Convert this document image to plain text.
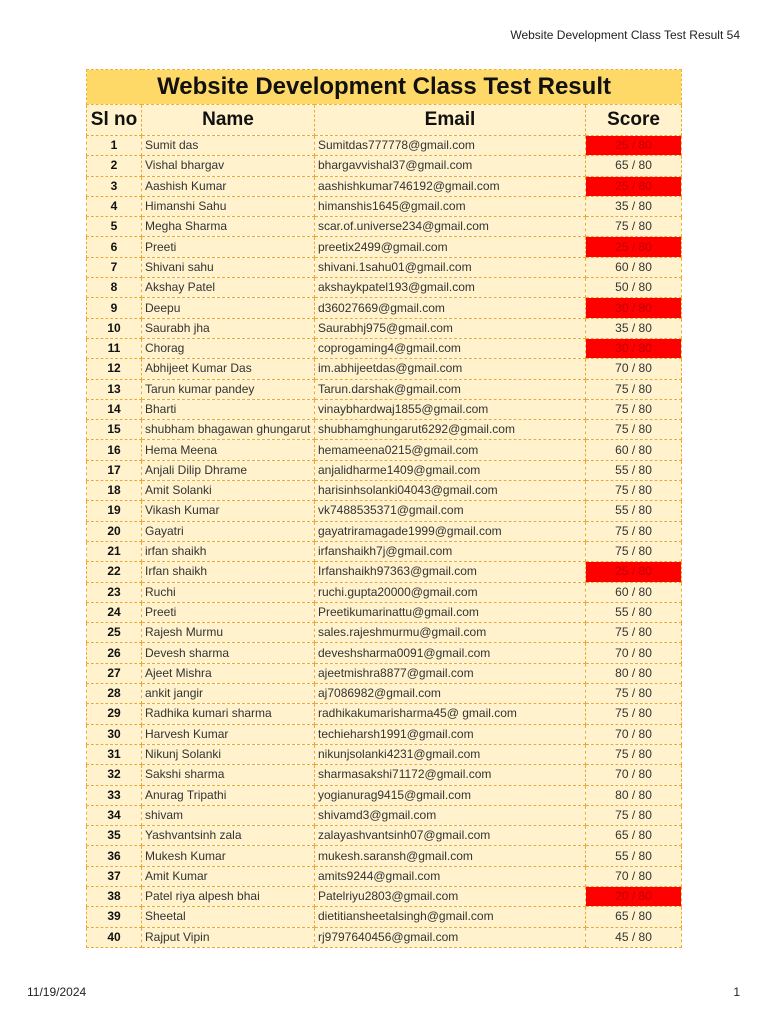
Website Development Class Test Result 54
Website Development Class Test Result			
Sl no	Name	Email	Score
1	Sumit das	Sumitdas777778@gmail.com	25 / 80
2	Vishal bhargav	bhargavvishal37@gmail.com	65 / 80
3	Aashish Kumar	aashishkumar746192@gmail.com	25 / 80
4	Himanshi Sahu	himanshis1645@gmail.com	35 / 80
5	Megha Sharma	scar.of.universe234@gmail.com	75 / 80
6	Preeti	preetix2499@gmail.com	25 / 80
7	Shivani sahu	shivani.1sahu01@gmail.com	60 / 80
8	Akshay Patel	akshaykpatel193@gmail.com	50 / 80
9	Deepu	d36027669@gmail.com	30 / 80
10	Saurabh jha	Saurabhj975@gmail.com	35 / 80
11	Chorag	coprogaming4@gmail.com	30 / 80
12	Abhijeet Kumar Das	im.abhijeetdas@gmail.com	70 / 80
13	Tarun kumar pandey	Tarun.darshak@gmail.com	75 / 80
14	Bharti	vinaybhardwaj1855@gmail.com	75 / 80
15	shubham bhagawan ghungarut	shubhamghungarut6292@gmail.com	75 / 80
16	Hema Meena	hemameena0215@gmail.com	60 / 80
17	Anjali Dilip Dhrame	anjalidharme1409@gmail.com	55 / 80
18	Amit Solanki	harisinhsolanki04043@gmail.com	75 / 80
19	Vikash Kumar	vk7488535371@gmail.com	55 / 80
20	Gayatri	gayatriramagade1999@gmail.com	75 / 80
21	irfan shaikh	irfanshaikh7j@gmail.com	75 / 80
22	Irfan shaikh	Irfanshaikh97363@gmail.com	25 / 80
23	Ruchi	ruchi.gupta20000@gmail.com	60 / 80
24	Preeti	Preetikumarinattu@gmail.com	55 / 80
25	Rajesh Murmu	sales.rajeshmurmu@gmail.com	75 / 80
26	Devesh sharma	deveshsharma0091@gmail.com	70 / 80
27	Ajeet Mishra	ajeetmishra8877@gmail.com	80 / 80
28	ankit jangir	aj7086982@gmail.com	75 / 80
29	Radhika kumari sharma	radhikakumarisharma45@ gmail.com	75 / 80
30	Harvesh Kumar	techieharsh1991@gmail.com	70 / 80
31	Nikunj Solanki	nikunjsolanki4231@gmail.com	75 / 80
32	Sakshi sharma	sharmasakshi71172@gmail.com	70 / 80
33	Anurag Tripathi	yogianurag9415@gmail.com	80 / 80
34	shivam	shivamd3@gmail.com	75 / 80
35	Yashvantsinh zala	zalayashvantsinh07@gmail.com	65 / 80
36	Mukesh Kumar	mukesh.saransh@gmail.com	55 / 80
37	Amit Kumar	amits9244@gmail.com	70 / 80
38	Patel riya alpesh bhai	Patelriyu2803@gmail.com	20 / 80
39	Sheetal	dietitiansheetalsingh@gmail.com	65 / 80
40	Rajput Vipin	rj9797640456@gmail.com	45 / 80
11/19/2024	1
